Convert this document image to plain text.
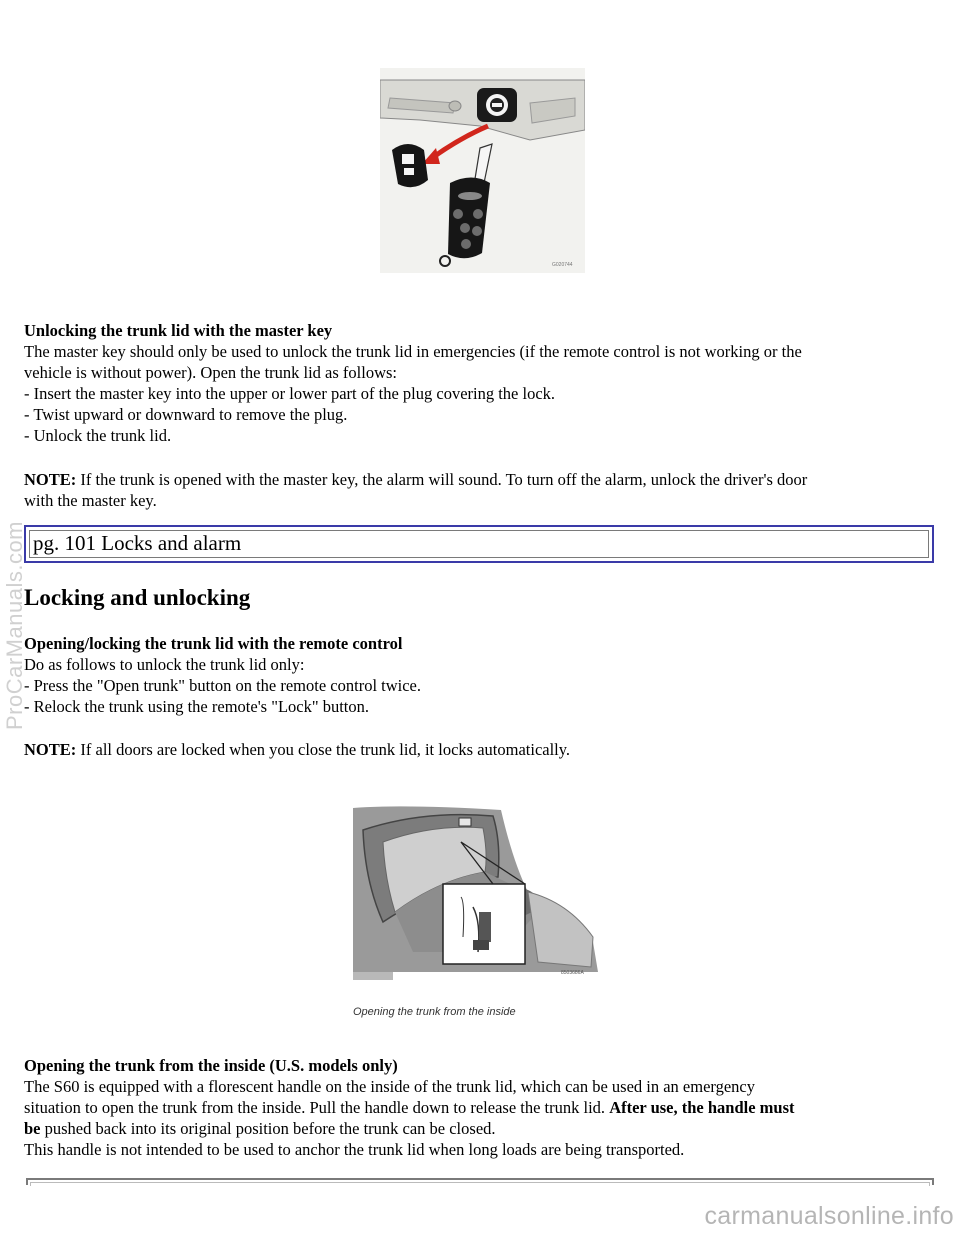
G020744

Unlocking the trunk lid with the master key

The master key should only be used to unlock the trunk lid in emergencies (if the remote control is not working or the

vehicle is without power). Open the trunk lid as follows:

- Insert the master key into the upper or lower part of the plug covering the lock.

- Twist upward or downward to remove the plug.

- Unlock the trunk lid.

NOTE: If the trunk is opened with the master key, the alarm will sound. To turn off the alarm, unlock the driver's door

with the master key.

pg. 101 Locks and alarm
Locking and unlocking

Opening/locking the trunk lid with the remote control

Do as follows to unlock the trunk lid only:

- Press the "Open trunk" button on the remote control twice.

- Relock the trunk using the remote's "Lock" button.

NOTE: If all doors are locked when you close the trunk lid, it locks automatically.

8503686A
Opening the trunk from the inside

Opening the trunk from the inside (U.S. models only)

The S60 is equipped with a florescent handle on the inside of the trunk lid, which can be used in an emergency

situation to open the trunk from the inside. Pull the handle down to release the trunk lid. After use, the handle must

be pushed back into its original position before the trunk can be closed.

This handle is not intended to be used to anchor the trunk lid when long loads are being transported.

ProCarManuals.com
carmanualsonline.info
